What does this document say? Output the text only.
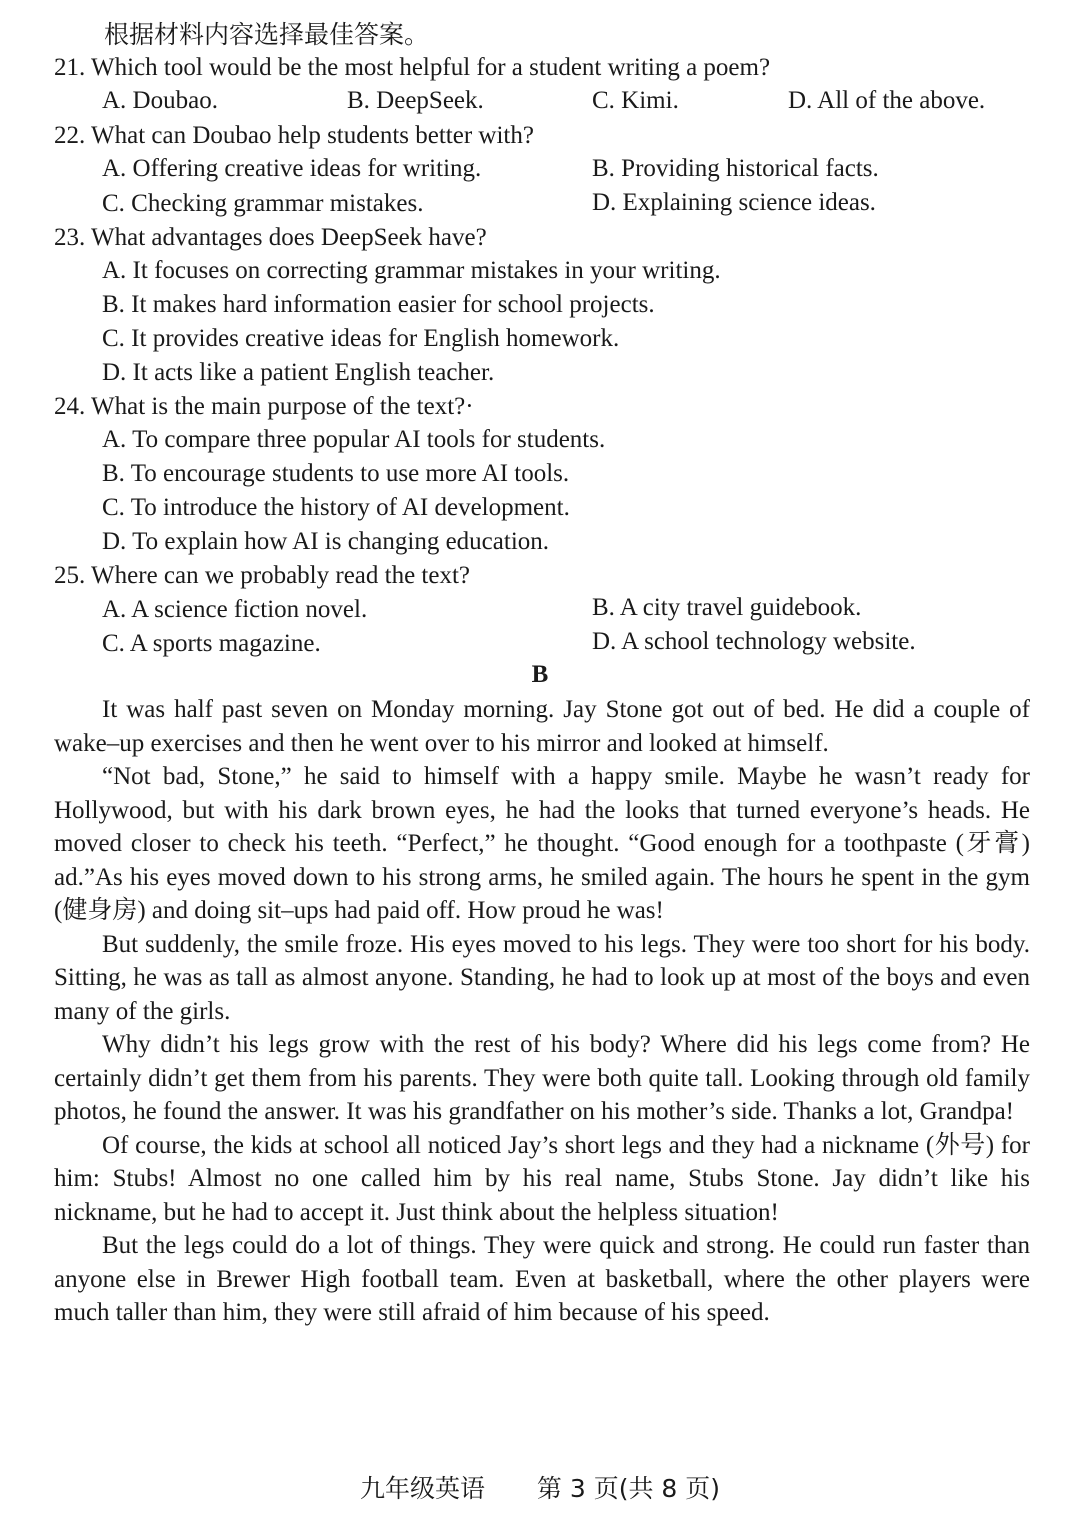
根据材料内容选择最佳答案。
21. Which tool would be the most helpful for a student writing a poem?
A. Doubao.	B. DeepSeek.	C. Kimi.	D. All of the above.
22. What can Doubao help students better with?
A. Offering creative ideas for writing.	B. Providing historical facts.
C. Checking grammar mistakes.	D. Explaining science ideas.
23. What advantages does DeepSeek have?
A. It focuses on correcting grammar mistakes in your writing.
B. It makes hard information easier for school projects.
C. It provides creative ideas for English homework.
D. It acts like a patient English teacher.
24. What is the main purpose of the text?·
A. To compare three popular AI tools for students.
B. To encourage students to use more AI tools.
C. To introduce the history of AI development.
D. To explain how AI is changing education.
25. Where can we probably read the text?
A. A science fiction novel.	B. A city travel guidebook.
C. A sports magazine.	D. A school technology website.
B

It was half past seven on Monday morning. Jay Stone got out of bed. He did a couple of wake–up exercises and then he went over to his mirror and looked at himself.

“Not bad, Stone,” he said to himself with a happy smile. Maybe he wasn’t ready for Hollywood, but with his dark brown eyes, he had the looks that turned everyone’s heads. He moved closer to check his teeth. “Perfect,” he thought. “Good enough for a toothpaste (牙膏) ad.”As his eyes moved down to his strong arms, he smiled again. The hours he spent in the gym (健身房) and doing sit–ups had paid off. How proud he was!

But suddenly, the smile froze. His eyes moved to his legs. They were too short for his body. Sitting, he was as tall as almost anyone. Standing, he had to look up at most of the boys and even many of the girls.

Why didn’t his legs grow with the rest of his body? Where did his legs come from? He certainly didn’t get them from his parents. They were both quite tall. Looking through old family photos, he found the answer. It was his grandfather on his mother’s side. Thanks a lot, Grandpa!

Of course, the kids at school all noticed Jay’s short legs and they had a nickname (外号) for him: Stubs! Almost no one called him by his real name, Stubs Stone. Jay didn’t like his nickname, but he had to accept it. Just think about the helpless situation!

But the legs could do a lot of things. They were quick and strong. He could run faster than anyone else in Brewer High football team. Even at basketball, where the other players were much taller than him, they were still afraid of him because of his speed.

九年级英语 第 3 页(共 8 页)
